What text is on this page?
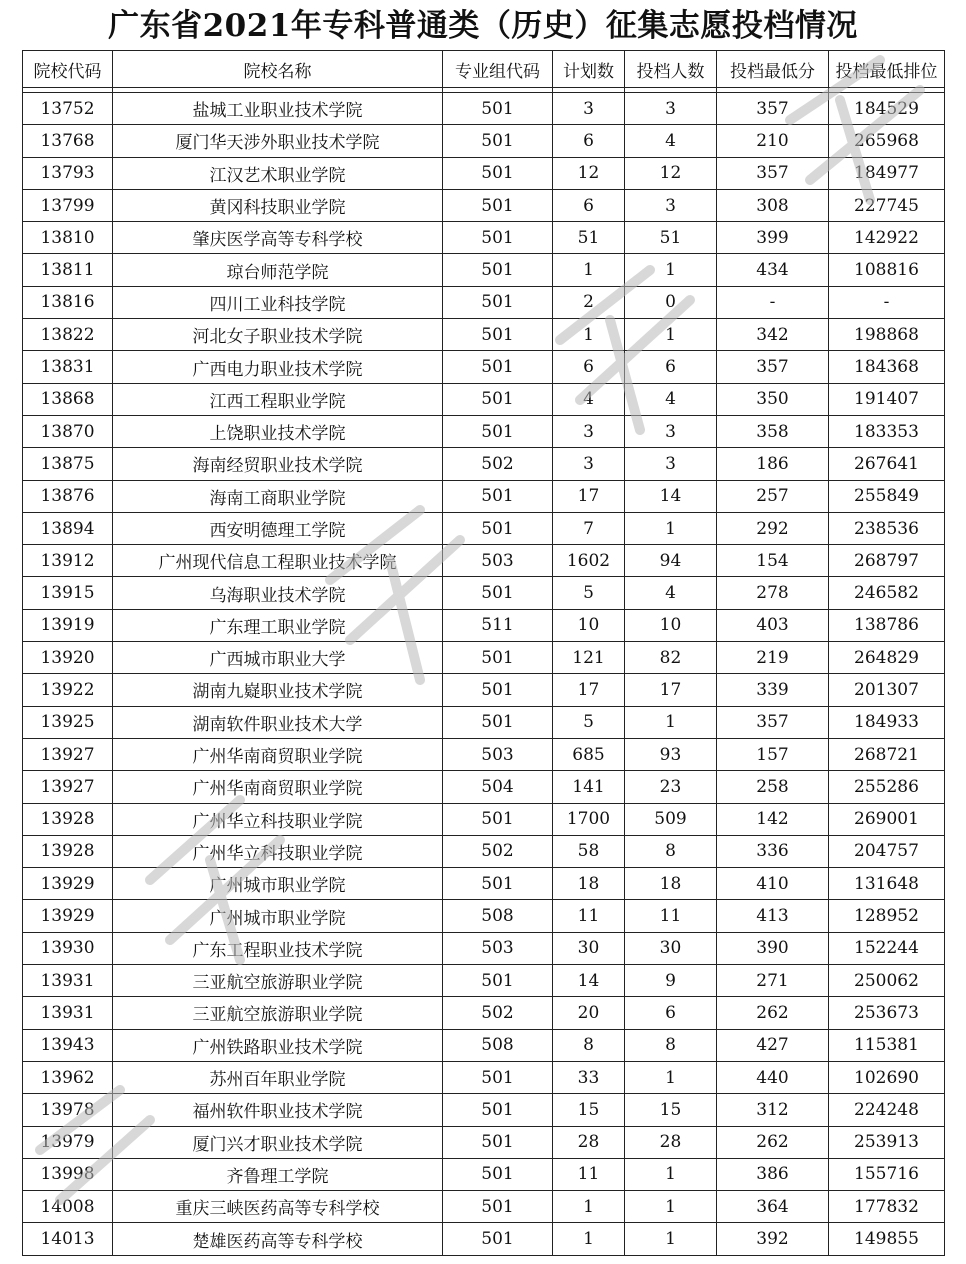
广东省2021年专科普通类（历史）征集志愿投档情况
院校代码	院校名称	专业组代码	计划数	投档人数	投档最低分	投档最低排位

13752	盐城工业职业技术学院	501	3	3	357	184529
13768	厦门华天涉外职业技术学院	501	6	4	210	265968
13793	江汉艺术职业学院	501	12	12	357	184977
13799	黄冈科技职业学院	501	6	3	308	227745
13810	肇庆医学高等专科学校	501	51	51	399	142922
13811	琼台师范学院	501	1	1	434	108816
13816	四川工业科技学院	501	2	0	-	-
13822	河北女子职业技术学院	501	1	1	342	198868
13831	广西电力职业技术学院	501	6	6	357	184368
13868	江西工程职业学院	501	4	4	350	191407
13870	上饶职业技术学院	501	3	3	358	183353
13875	海南经贸职业技术学院	502	3	3	186	267641
13876	海南工商职业学院	501	17	14	257	255849
13894	西安明德理工学院	501	7	1	292	238536
13912	广州现代信息工程职业技术学院	503	1602	94	154	268797
13915	乌海职业技术学院	501	5	4	278	246582
13919	广东理工职业学院	511	10	10	403	138786
13920	广西城市职业大学	501	121	82	219	264829
13922	湖南九嶷职业技术学院	501	17	17	339	201307
13925	湖南软件职业技术大学	501	5	1	357	184933
13927	广州华南商贸职业学院	503	685	93	157	268721
13927	广州华南商贸职业学院	504	141	23	258	255286
13928	广州华立科技职业学院	501	1700	509	142	269001
13928	广州华立科技职业学院	502	58	8	336	204757
13929	广州城市职业学院	501	18	18	410	131648
13929	广州城市职业学院	508	11	11	413	128952
13930	广东工程职业技术学院	503	30	30	390	152244
13931	三亚航空旅游职业学院	501	14	9	271	250062
13931	三亚航空旅游职业学院	502	20	6	262	253673
13943	广州铁路职业技术学院	508	8	8	427	115381
13962	苏州百年职业学院	501	33	1	440	102690
13978	福州软件职业技术学院	501	15	15	312	224248
13979	厦门兴才职业技术学院	501	28	28	262	253913
13998	齐鲁理工学院	501	11	1	386	155716
14008	重庆三峡医药高等专科学校	501	1	1	364	177832
14013	楚雄医药高等专科学校	501	1	1	392	149855
